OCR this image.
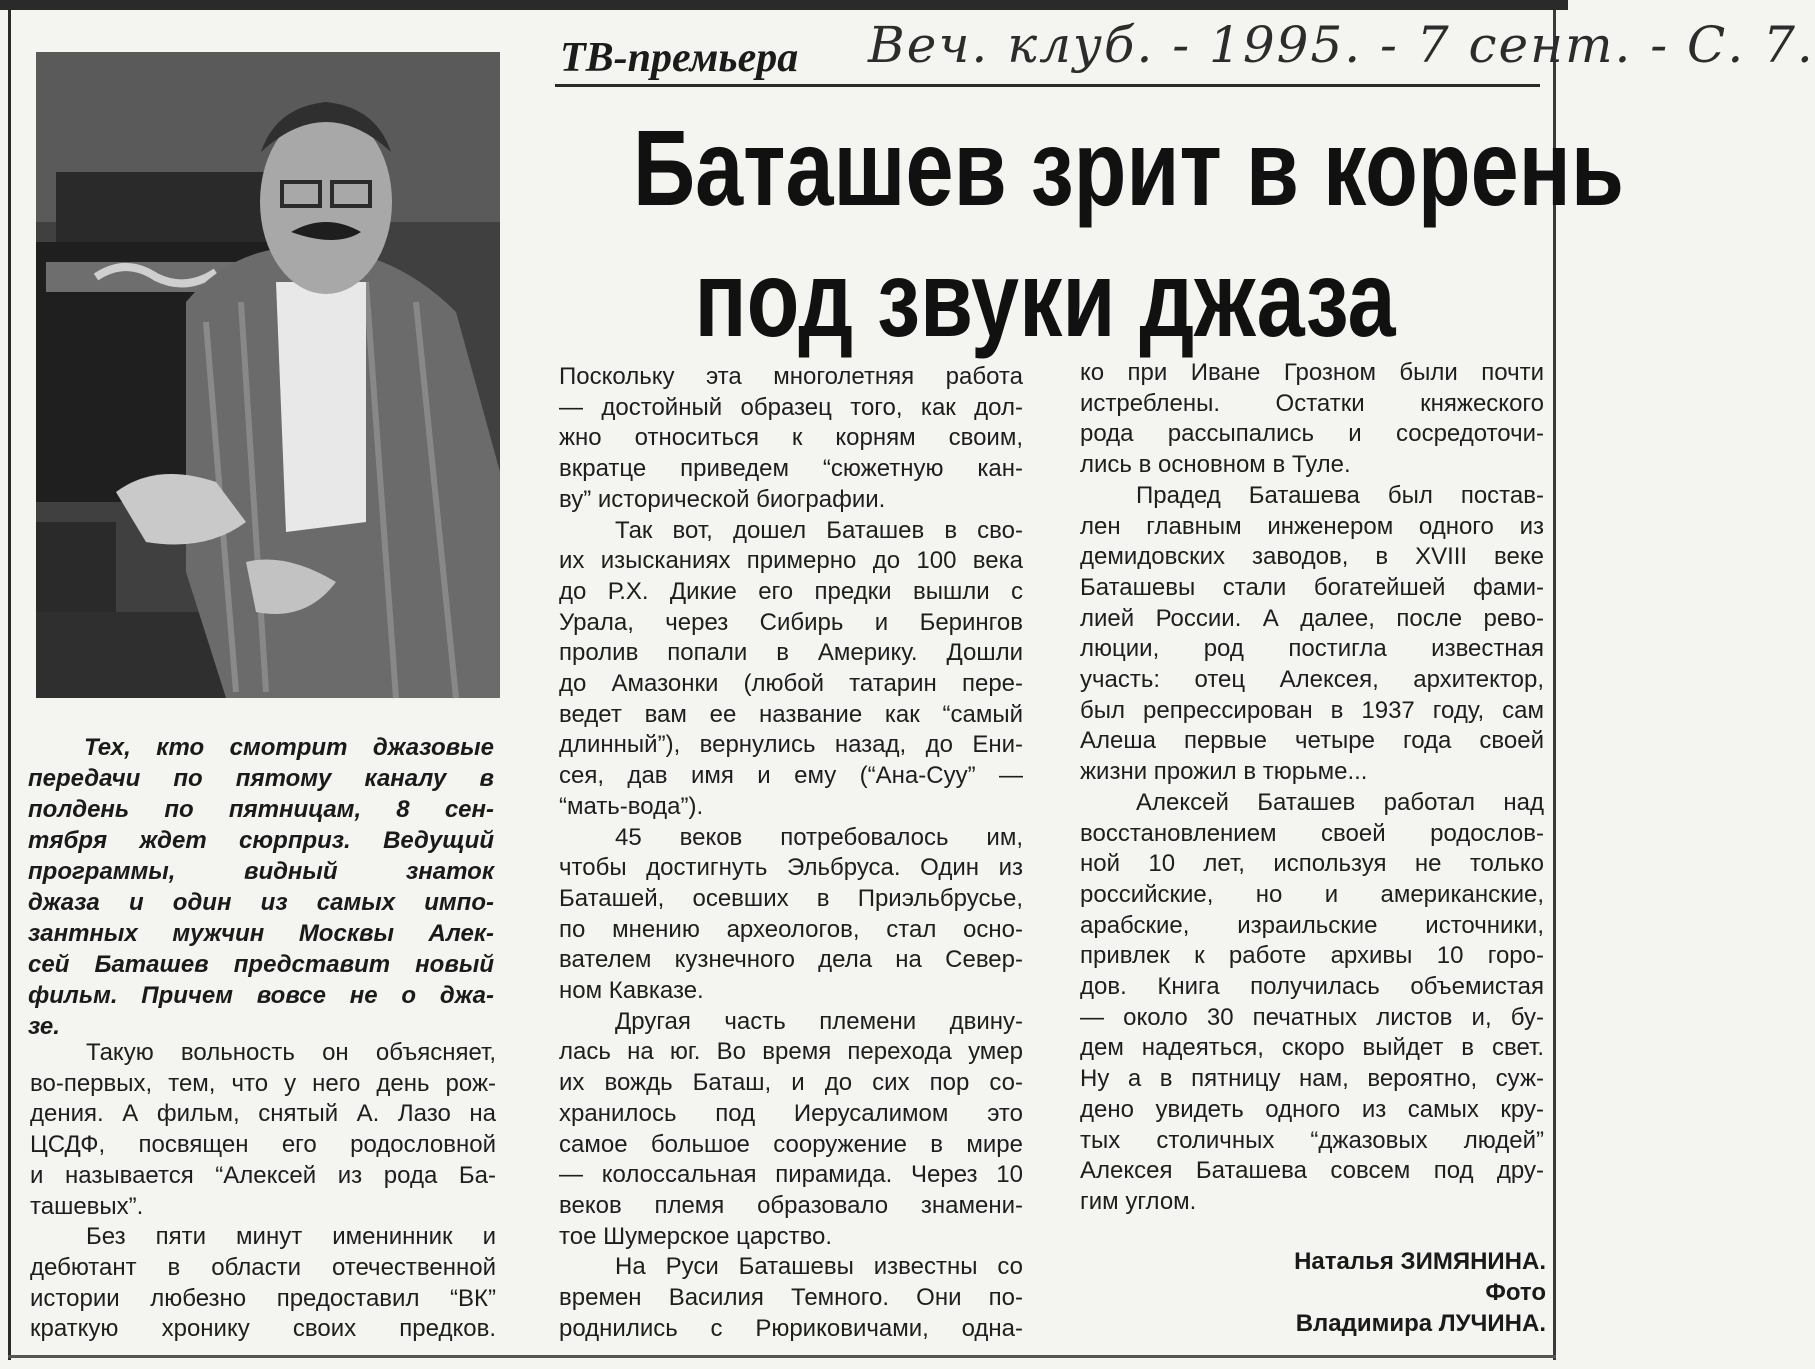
ТВ-премьера Веч. клуб. - 1995. - 7 сент. - С. 7.
Баташев зрит в корень
под звуки джаза

Тех, кто смотрит джазовые
передачи по пятому каналу в
полдень по пятницам, 8 сен-
тября ждет сюрприз. Ведущий
программы, видный знаток
джаза и один из самых импо-
зантных мужчин Москвы Алек-
сей Баташев представит новый
фильм. Причем вовсе не о джа-
зе.

Такую вольность он объясняет,
во-первых, тем, что у него день рож-
дения. А фильм, снятый А. Лазо на
ЦСДФ, посвящен его родословной
и называется “Алексей из рода Ба-
ташевых”.
Без пяти минут именинник и
дебютант в области отечественной
истории любезно предоставил “ВК”
краткую хронику своих предков.

Поскольку эта многолетняя работа
— достойный образец того, как дол-
жно относиться к корням своим,
вкратце приведем “сюжетную кан-
ву” исторической биографии.
Так вот, дошел Баташев в сво-
их изысканиях примерно до 100 века
до Р.Х. Дикие его предки вышли с
Урала, через Сибирь и Берингов
пролив попали в Америку. Дошли
до Амазонки (любой татарин пере-
ведет вам ее название как “самый
длинный”), вернулись назад, до Ени-
сея, дав имя и ему (“Ана-Суу” —
“мать-вода”).
45 веков потребовалось им,
чтобы достигнуть Эльбруса. Один из
Баташей, осевших в Приэльбрусье,
по мнению археологов, стал осно-
вателем кузнечного дела на Север-
ном Кавказе.
Другая часть племени двину-
лась на юг. Во время перехода умер
их вождь Баташ, и до сих пор со-
хранилось под Иерусалимом это
самое большое сооружение в мире
— колоссальная пирамида. Через 10
веков племя образовало знамени-
тое Шумерское царство.
На Руси Баташевы известны со
времен Василия Темного. Они по-
роднились с Рюриковичами, одна-

ко при Иване Грозном были почти
истреблены. Остатки княжеского
рода рассыпались и сосредоточи-
лись в основном в Туле.
Прадед Баташева был постав-
лен главным инженером одного из
демидовских заводов, в XVIII веке
Баташевы стали богатейшей фами-
лией России. А далее, после рево-
люции, род постигла известная
участь: отец Алексея, архитектор,
был репрессирован в 1937 году, сам
Алеша первые четыре года своей
жизни прожил в тюрьме...
Алексей Баташев работал над
восстановлением своей родослов-
ной 10 лет, используя не только
российские, но и американские,
арабские, израильские источники,
привлек к работе архивы 10 горо-
дов. Книга получилась объемистая
— около 30 печатных листов и, бу-
дем надеяться, скоро выйдет в свет.
Ну а в пятницу нам, вероятно, суж-
дено увидеть одного из самых кру-
тых столичных “джазовых людей”
Алексея Баташева совсем под дру-
гим углом.

Наталья ЗИМЯНИНА.
Фото
Владимира ЛУЧИНА.
